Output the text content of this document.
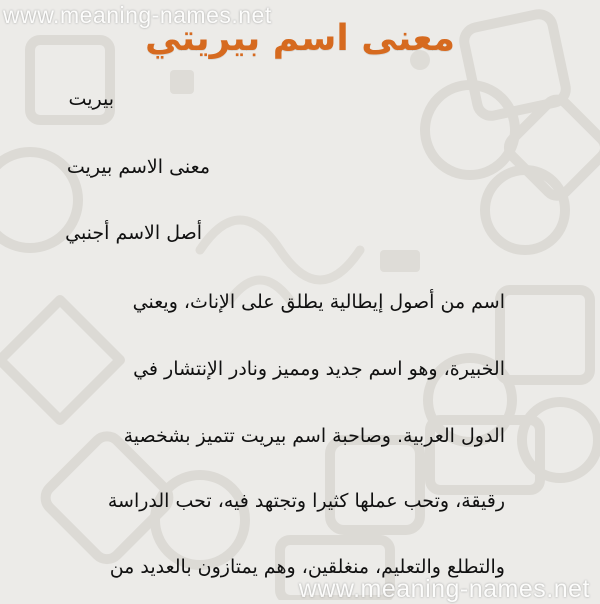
www.meaning-names.net
معنى اسم بيريتي
بيريت
معنى الاسم بيريت
أصل الاسم أجنبي
اسم من أصول إيطالية يطلق على الإناث، ويعني
الخبيرة، وهو اسم جديد ومميز ونادر الإنتشار في
الدول العربية. وصاحبة اسم بيريت تتميز بشخصية
رقيقة، وتحب عملها كثيرا وتجتهد فيه، تحب الدراسة
والتطلع والتعليم، منغلقين، وهم يمتازون بالعديد من
www.meaning-names.net
